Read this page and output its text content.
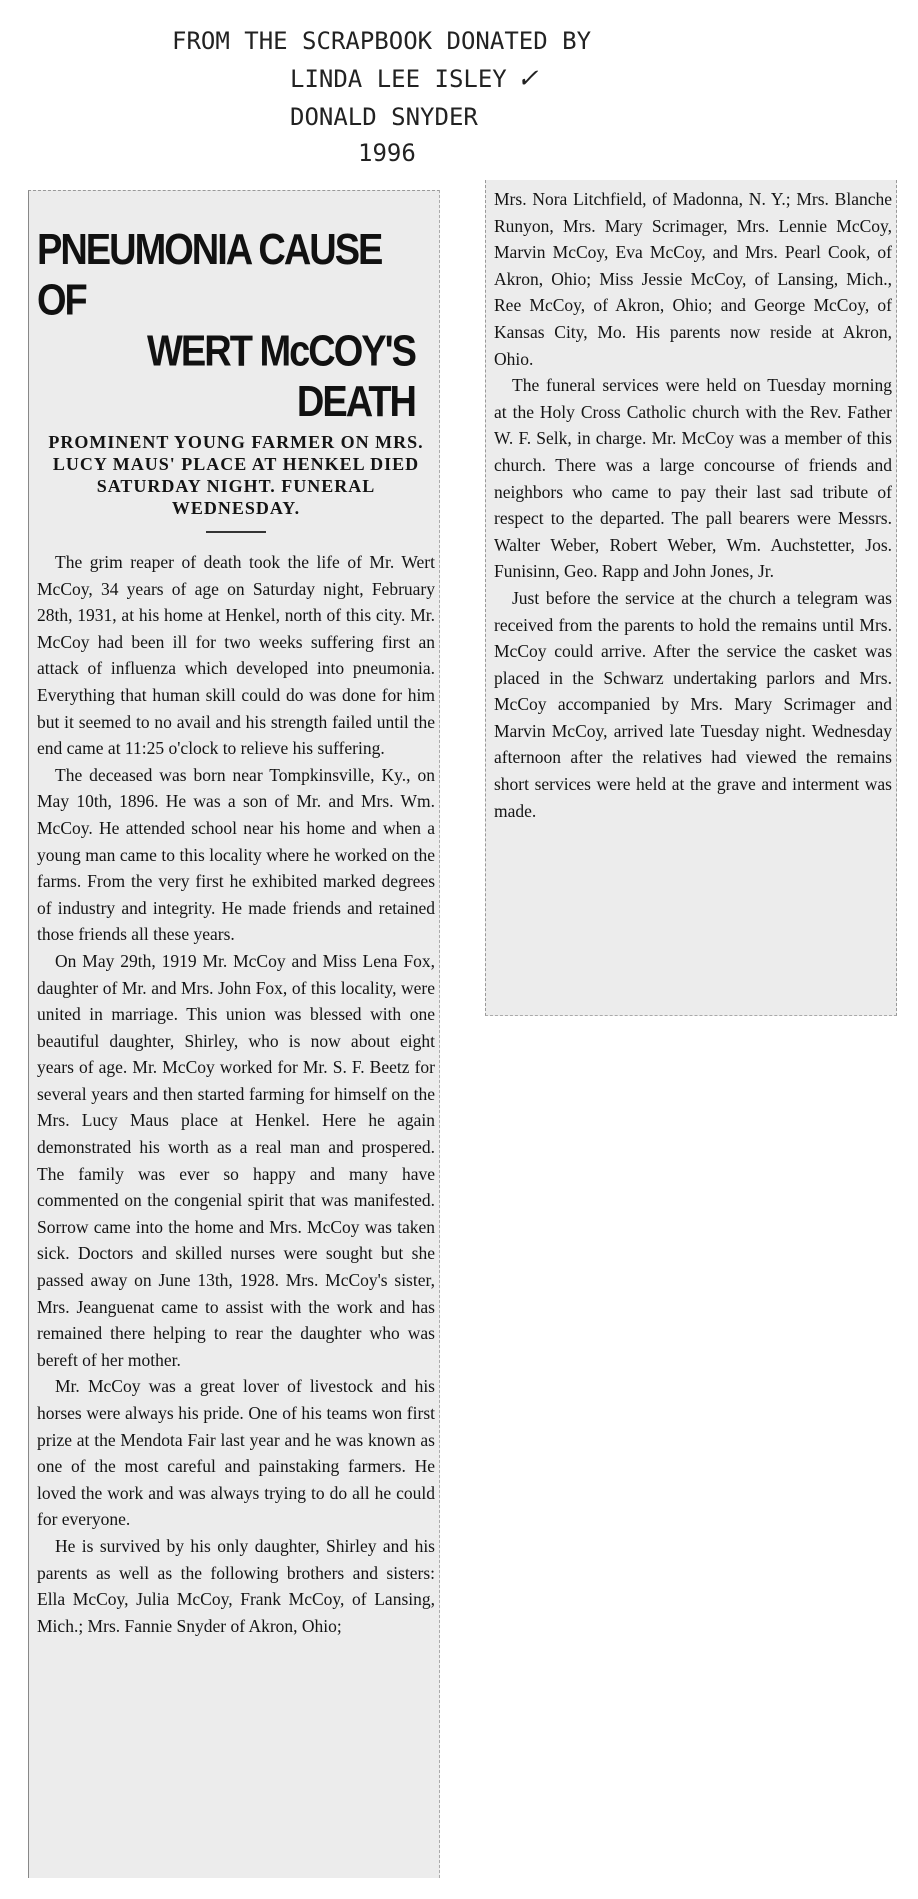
FROM THE SCRAPBOOK DONATED BY
LINDA LEE ISLEY ✓
DONALD SNYDER
1996
PNEUMONIA CAUSE OF
WERT McCOY'S DEATH
PROMINENT YOUNG FARMER ON MRS. LUCY MAUS' PLACE AT HENKEL DIED SATURDAY NIGHT. FUNERAL WEDNESDAY.

The grim reaper of death took the life of Mr. Wert McCoy, 34 years of age on Saturday night, February 28th, 1931, at his home at Henkel, north of this city. Mr. McCoy had been ill for two weeks suffering first an attack of influenza which developed into pneumonia. Everything that human skill could do was done for him but it seemed to no avail and his strength failed until the end came at 11:25 o'clock to relieve his suffering.

The deceased was born near Tompkinsville, Ky., on May 10th, 1896. He was a son of Mr. and Mrs. Wm. McCoy. He attended school near his home and when a young man came to this locality where he worked on the farms. From the very first he exhibited marked degrees of industry and integrity. He made friends and retained those friends all these years.

On May 29th, 1919 Mr. McCoy and Miss Lena Fox, daughter of Mr. and Mrs. John Fox, of this locality, were united in marriage. This union was blessed with one beautiful daughter, Shirley, who is now about eight years of age. Mr. McCoy worked for Mr. S. F. Beetz for several years and then started farming for himself on the Mrs. Lucy Maus place at Henkel. Here he again demonstrated his worth as a real man and prospered. The family was ever so happy and many have commented on the congenial spirit that was manifested. Sorrow came into the home and Mrs. McCoy was taken sick. Doctors and skilled nurses were sought but she passed away on June 13th, 1928. Mrs. McCoy's sister, Mrs. Jeanguenat came to assist with the work and has remained there helping to rear the daughter who was bereft of her mother.

Mr. McCoy was a great lover of livestock and his horses were always his pride. One of his teams won first prize at the Mendota Fair last year and he was known as one of the most careful and painstaking farmers. He loved the work and was always trying to do all he could for everyone.

He is survived by his only daughter, Shirley and his parents as well as the following brothers and sisters: Ella McCoy, Julia McCoy, Frank McCoy, of Lansing, Mich.; Mrs. Fannie Snyder of Akron, Ohio;

Mrs. Nora Litchfield, of Madonna, N. Y.; Mrs. Blanche Runyon, Mrs. Mary Scrimager, Mrs. Lennie McCoy, Marvin McCoy, Eva McCoy, and Mrs. Pearl Cook, of Akron, Ohio; Miss Jessie McCoy, of Lansing, Mich., Ree McCoy, of Akron, Ohio; and George McCoy, of Kansas City, Mo. His parents now reside at Akron, Ohio.

The funeral services were held on Tuesday morning at the Holy Cross Catholic church with the Rev. Father W. F. Selk, in charge. Mr. McCoy was a member of this church. There was a large concourse of friends and neighbors who came to pay their last sad tribute of respect to the departed. The pall bearers were Messrs. Walter Weber, Robert Weber, Wm. Auchstetter, Jos. Funisinn, Geo. Rapp and John Jones, Jr.

Just before the service at the church a telegram was received from the parents to hold the remains until Mrs. McCoy could arrive. After the service the casket was placed in the Schwarz undertaking parlors and Mrs. McCoy accompanied by Mrs. Mary Scrimager and Marvin McCoy, arrived late Tuesday night. Wednesday afternoon after the relatives had viewed the remains short services were held at the grave and interment was made.
